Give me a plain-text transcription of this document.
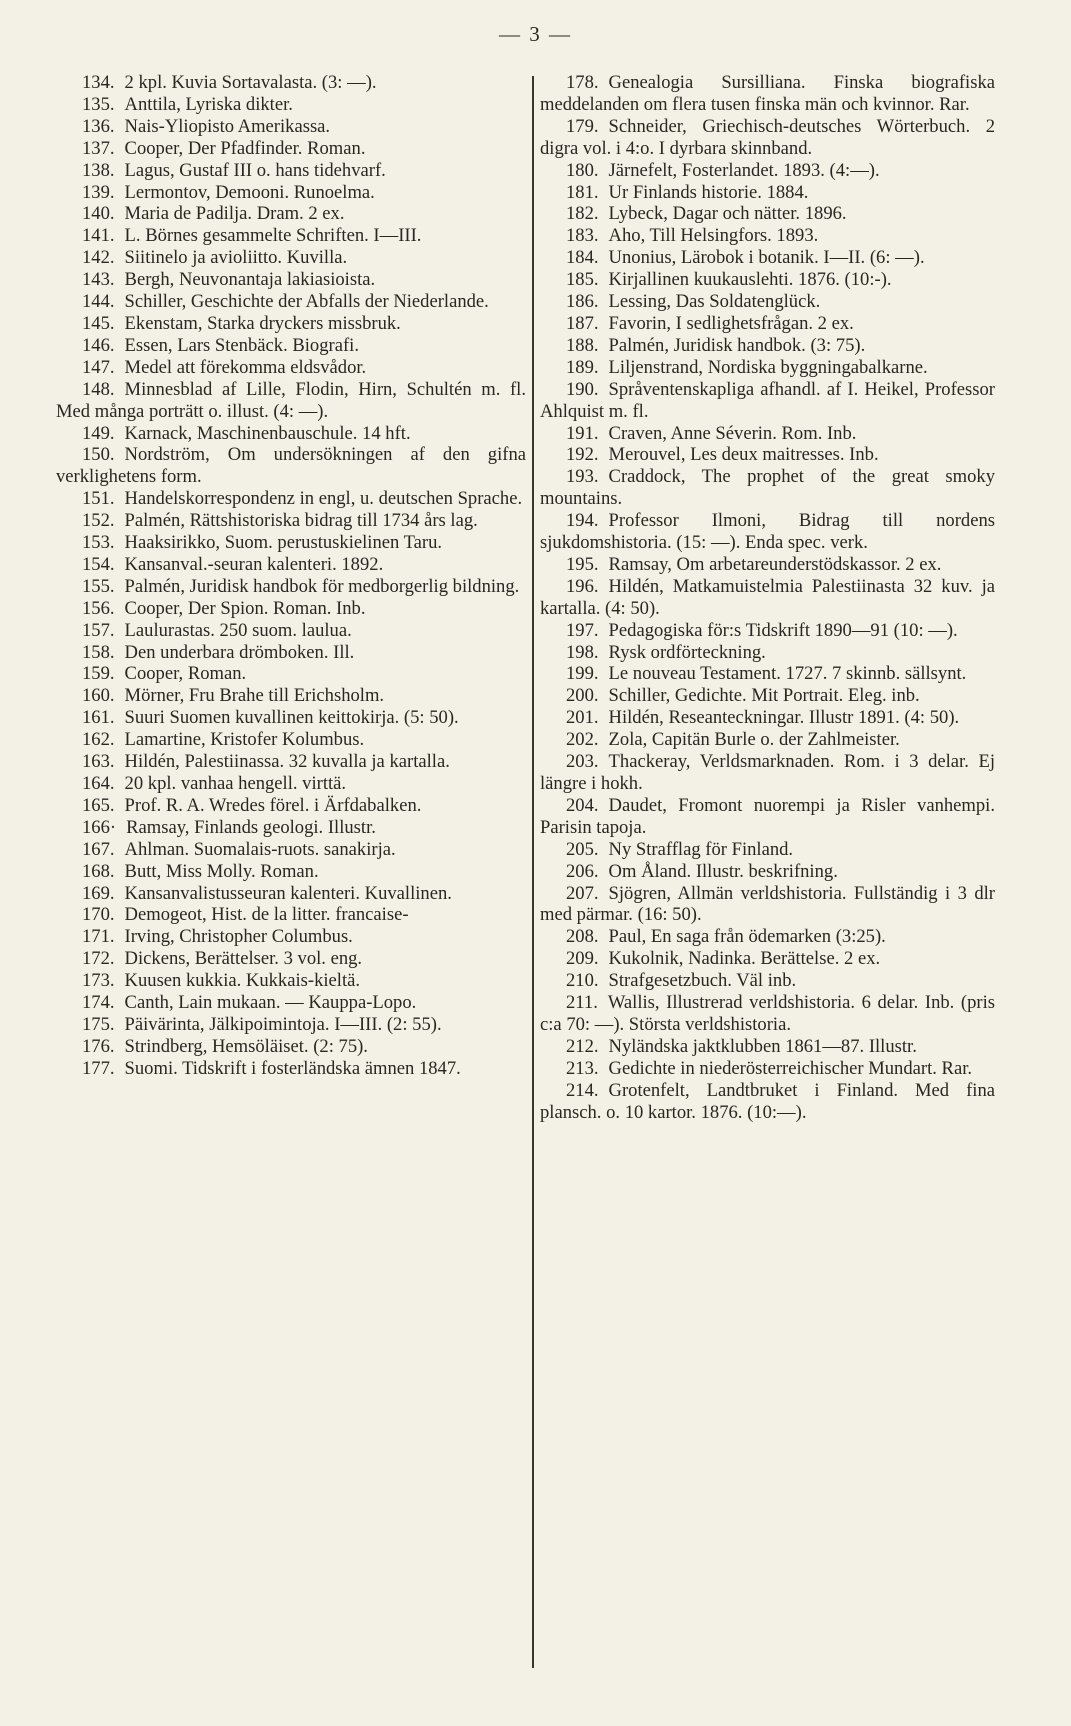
— 3 —

134. 2 kpl. Kuvia Sortavalasta. (3: —).

135. Anttila, Lyriska dikter.

136. Nais-Yliopisto Amerikassa.

137. Cooper, Der Pfadfinder. Roman.

138. Lagus, Gustaf III o. hans tidehvarf.

139. Lermontov, Demooni. Runoelma.

140. Maria de Padilja. Dram. 2 ex.

141. L. Börnes gesammelte Schriften. I—III.

142. Siitinelo ja avioliitto. Kuvilla.

143. Bergh, Neuvonantaja lakiasioista.

144. Schiller, Geschichte der Abfalls der Niederlande.

145. Ekenstam, Starka dryckers missbruk.

146. Essen, Lars Stenbäck. Biografi.

147. Medel att förekomma eldsvådor.

148. Minnesblad af Lille, Flodin, Hirn, Schultén m. fl. Med många porträtt o. illust. (4: —).

149. Karnack, Maschinenbauschule. 14 hft.

150. Nordström, Om undersökningen af den gifna verklighetens form.

151. Handelskorrespondenz in engl, u. deutschen Sprache.

152. Palmén, Rättshistoriska bidrag till 1734 års lag.

153. Haaksirikko, Suom. perustuskielinen Taru.

154. Kansanval.-seuran kalenteri. 1892.

155. Palmén, Juridisk handbok för medborgerlig bildning.

156. Cooper, Der Spion. Roman. Inb.

157. Laulurastas. 250 suom. laulua.

158. Den underbara drömboken. Ill.

159. Cooper, Roman.

160. Mörner, Fru Brahe till Erichsholm.

161. Suuri Suomen kuvallinen keittokirja. (5: 50).

162. Lamartine, Kristofer Kolumbus.

163. Hildén, Palestiinassa. 32 kuvalla ja kartalla.

164. 20 kpl. vanhaa hengell. virttä.

165. Prof. R. A. Wredes förel. i Ärfdabalken.

166· Ramsay, Finlands geologi. Illustr.

167. Ahlman. Suomalais-ruots. sanakirja.

168. Butt, Miss Molly. Roman.

169. Kansanvalistusseuran kalenteri. Kuvallinen.

170. Demogeot, Hist. de la litter. francaise-

171. Irving, Christopher Columbus.

172. Dickens, Berättelser. 3 vol. eng.

173. Kuusen kukkia. Kukkais-kieltä.

174. Canth, Lain mukaan. — Kauppa-Lopo.

175. Päivärinta, Jälkipoimintoja. I—III. (2: 55).

176. Strindberg, Hemsöläiset. (2: 75).

177. Suomi. Tidskrift i fosterländska ämnen 1847.

178. Genealogia Sursilliana. Finska biografiska meddelanden om flera tusen finska män och kvinnor. Rar.

179. Schneider, Griechisch-deutsches Wörterbuch. 2 digra vol. i 4:o. I dyrbara skinnband.

180. Järnefelt, Fosterlandet. 1893. (4:—).

181. Ur Finlands historie. 1884.

182. Lybeck, Dagar och nätter. 1896.

183. Aho, Till Helsingfors. 1893.

184. Unonius, Lärobok i botanik. I—II. (6: —).

185. Kirjallinen kuukauslehti. 1876. (10:-).

186. Lessing, Das Soldatenglück.

187. Favorin, I sedlighetsfrågan. 2 ex.

188. Palmén, Juridisk handbok. (3: 75).

189. Liljenstrand, Nordiska byggningabalkarne.

190. Språventenskapliga afhandl. af I. Heikel, Professor Ahlquist m. fl.

191. Craven, Anne Séverin. Rom. Inb.

192. Merouvel, Les deux maitresses. Inb.

193. Craddock, The prophet of the great smoky mountains.

194. Professor Ilmoni, Bidrag till nordens sjukdomshistoria. (15: —). Enda spec. verk.

195. Ramsay, Om arbetareunderstödskassor. 2 ex.

196. Hildén, Matkamuistelmia Palestiinasta 32 kuv. ja kartalla. (4: 50).

197. Pedagogiska för:s Tidskrift 1890—91 (10: —).

198. Rysk ordförteckning.

199. Le nouveau Testament. 1727. 7 skinnb. sällsynt.

200. Schiller, Gedichte. Mit Portrait. Eleg. inb.

201. Hildén, Reseanteckningar. Illustr 1891. (4: 50).

202. Zola, Capitän Burle o. der Zahlmeister.

203. Thackeray, Verldsmarknaden. Rom. i 3 delar. Ej längre i hokh.

204. Daudet, Fromont nuorempi ja Risler vanhempi. Parisin tapoja.

205. Ny Strafflag för Finland.

206. Om Åland. Illustr. beskrifning.

207. Sjögren, Allmän verldshistoria. Fullständig i 3 dlr med pärmar. (16: 50).

208. Paul, En saga från ödemarken (3:25).

209. Kukolnik, Nadinka. Berättelse. 2 ex.

210. Strafgesetzbuch. Väl inb.

211. Wallis, Illustrerad verldshistoria. 6 delar. Inb. (pris c:a 70: —). Största verldshistoria.

212. Nyländska jaktklubben 1861—87. Illustr.

213. Gedichte in niederösterreichischer Mundart. Rar.

214. Grotenfelt, Landtbruket i Finland. Med fina plansch. o. 10 kartor. 1876. (10:—).
